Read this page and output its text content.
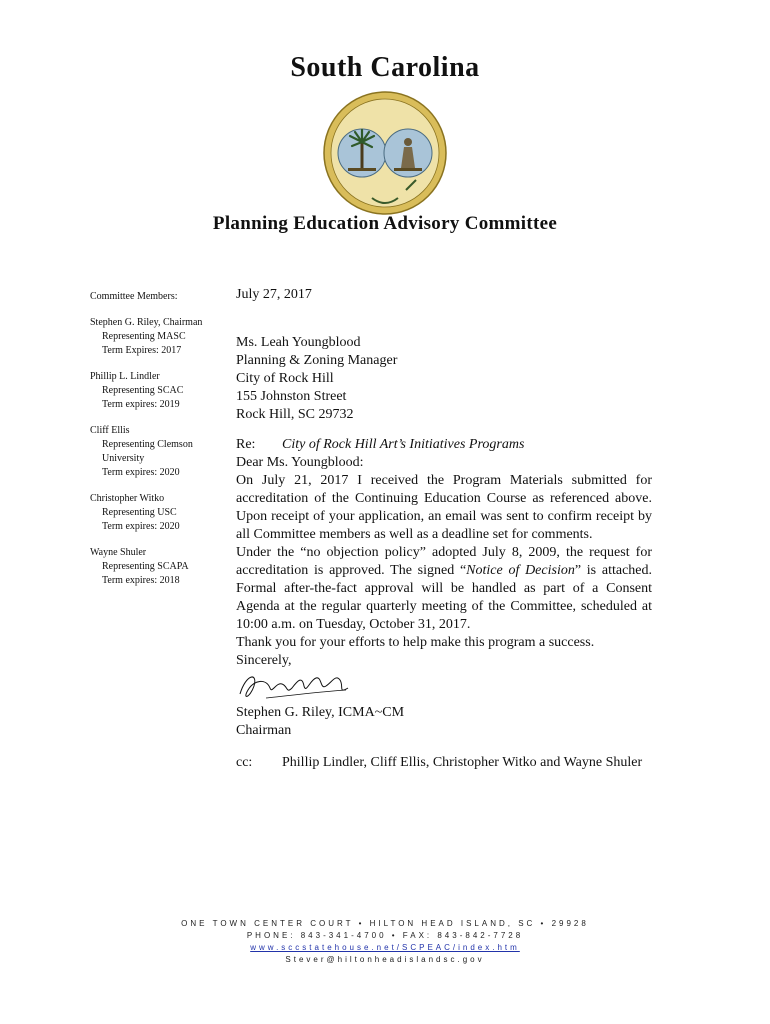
South Carolina
Planning Education Advisory Committee
Committee Members:
Stephen G. Riley, Chairman
Representing MASC
Term Expires: 2017
Phillip L. Lindler
Representing SCAC
Term expires: 2019
Cliff Ellis
Representing Clemson
University
Term expires: 2020
Christopher Witko
Representing USC
Term expires: 2020
Wayne Shuler
Representing SCAPA
Term expires: 2018

July 27, 2017

Ms. Leah Youngblood

Planning & Zoning Manager

City of Rock Hill

155 Johnston Street

Rock Hill, SC 29732

Re:	City of Rock Hill Art’s Initiatives Programs

Dear Ms. Youngblood:

On July 21, 2017 I received the Program Materials submitted for accreditation of the Continuing Education Course as referenced above. Upon receipt of your application, an email was sent to confirm receipt by all Committee members as well as a deadline set for comments.

Under the “no objection policy” adopted July 8, 2009, the request for accreditation is approved. The signed “Notice of Decision” is attached. Formal after-the-fact approval will be handled as part of a Consent Agenda at the regular quarterly meeting of the Committee, scheduled at 10:00 a.m. on Tuesday, October 31, 2017.

Thank you for your efforts to help make this program a success.

Sincerely,

Stephen G. Riley, ICMA~CM

Chairman

cc:	Phillip Lindler, Cliff Ellis, Christopher Witko and Wayne Shuler
ONE TOWN CENTER COURT • HILTON HEAD ISLAND, SC • 29928
PHONE: 843-341-4700 • FAX: 843-842-7728
www.sccstatehouse.net/SCPEAC/index.htm
Stever@hiltonheadislandsc.gov
